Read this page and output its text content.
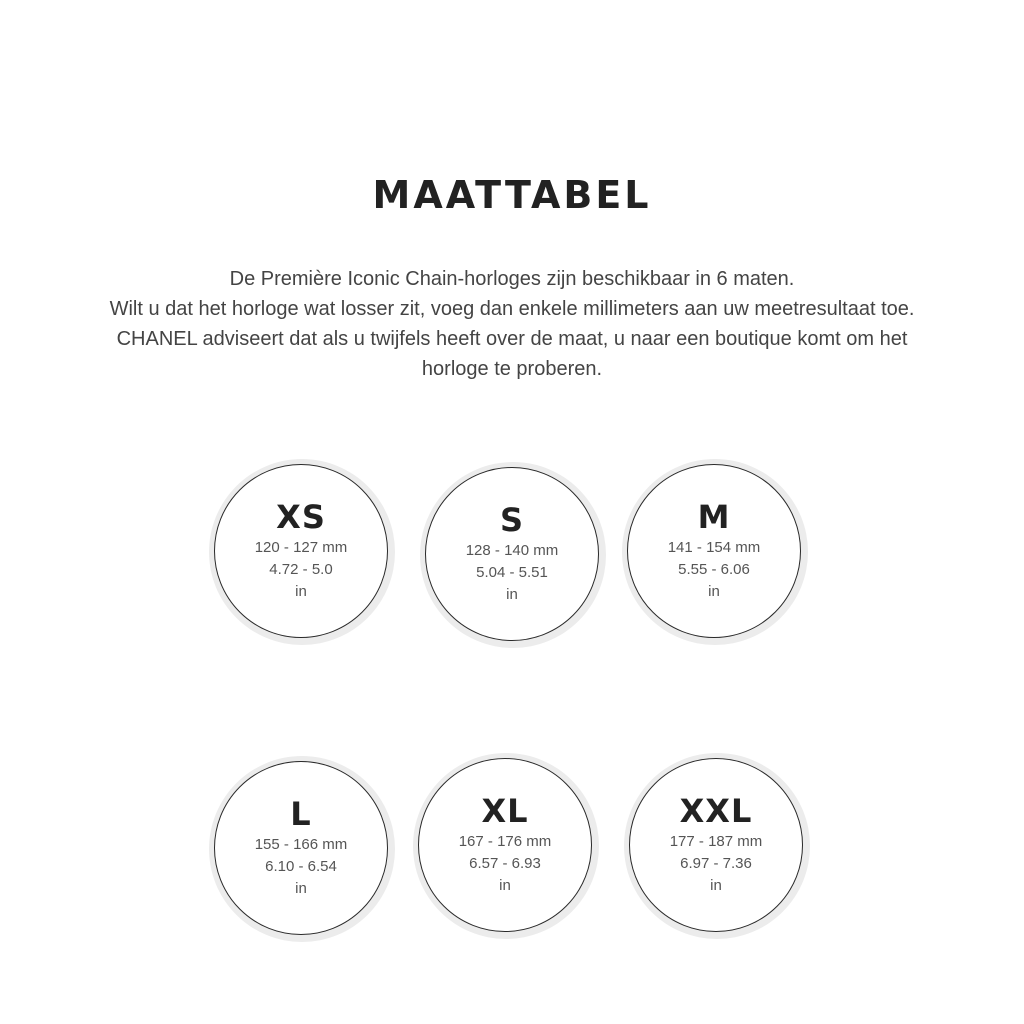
MAATTABEL
De Première Iconic Chain-horloges zijn beschikbaar in 6 maten.
Wilt u dat het horloge wat losser zit, voeg dan enkele millimeters aan uw meetresultaat toe.
CHANEL adviseert dat als u twijfels heeft over de maat, u naar een boutique komt om het
horloge te proberen.
XS
120 - 127 mm
4.72 - 5.0
in
S
128 - 140 mm
5.04 - 5.51
in
M
141 - 154 mm
5.55 - 6.06
in
L
155 - 166 mm
6.10 - 6.54
in
XL
167 - 176 mm
6.57 - 6.93
in
XXL
177 - 187 mm
6.97 - 7.36
in
